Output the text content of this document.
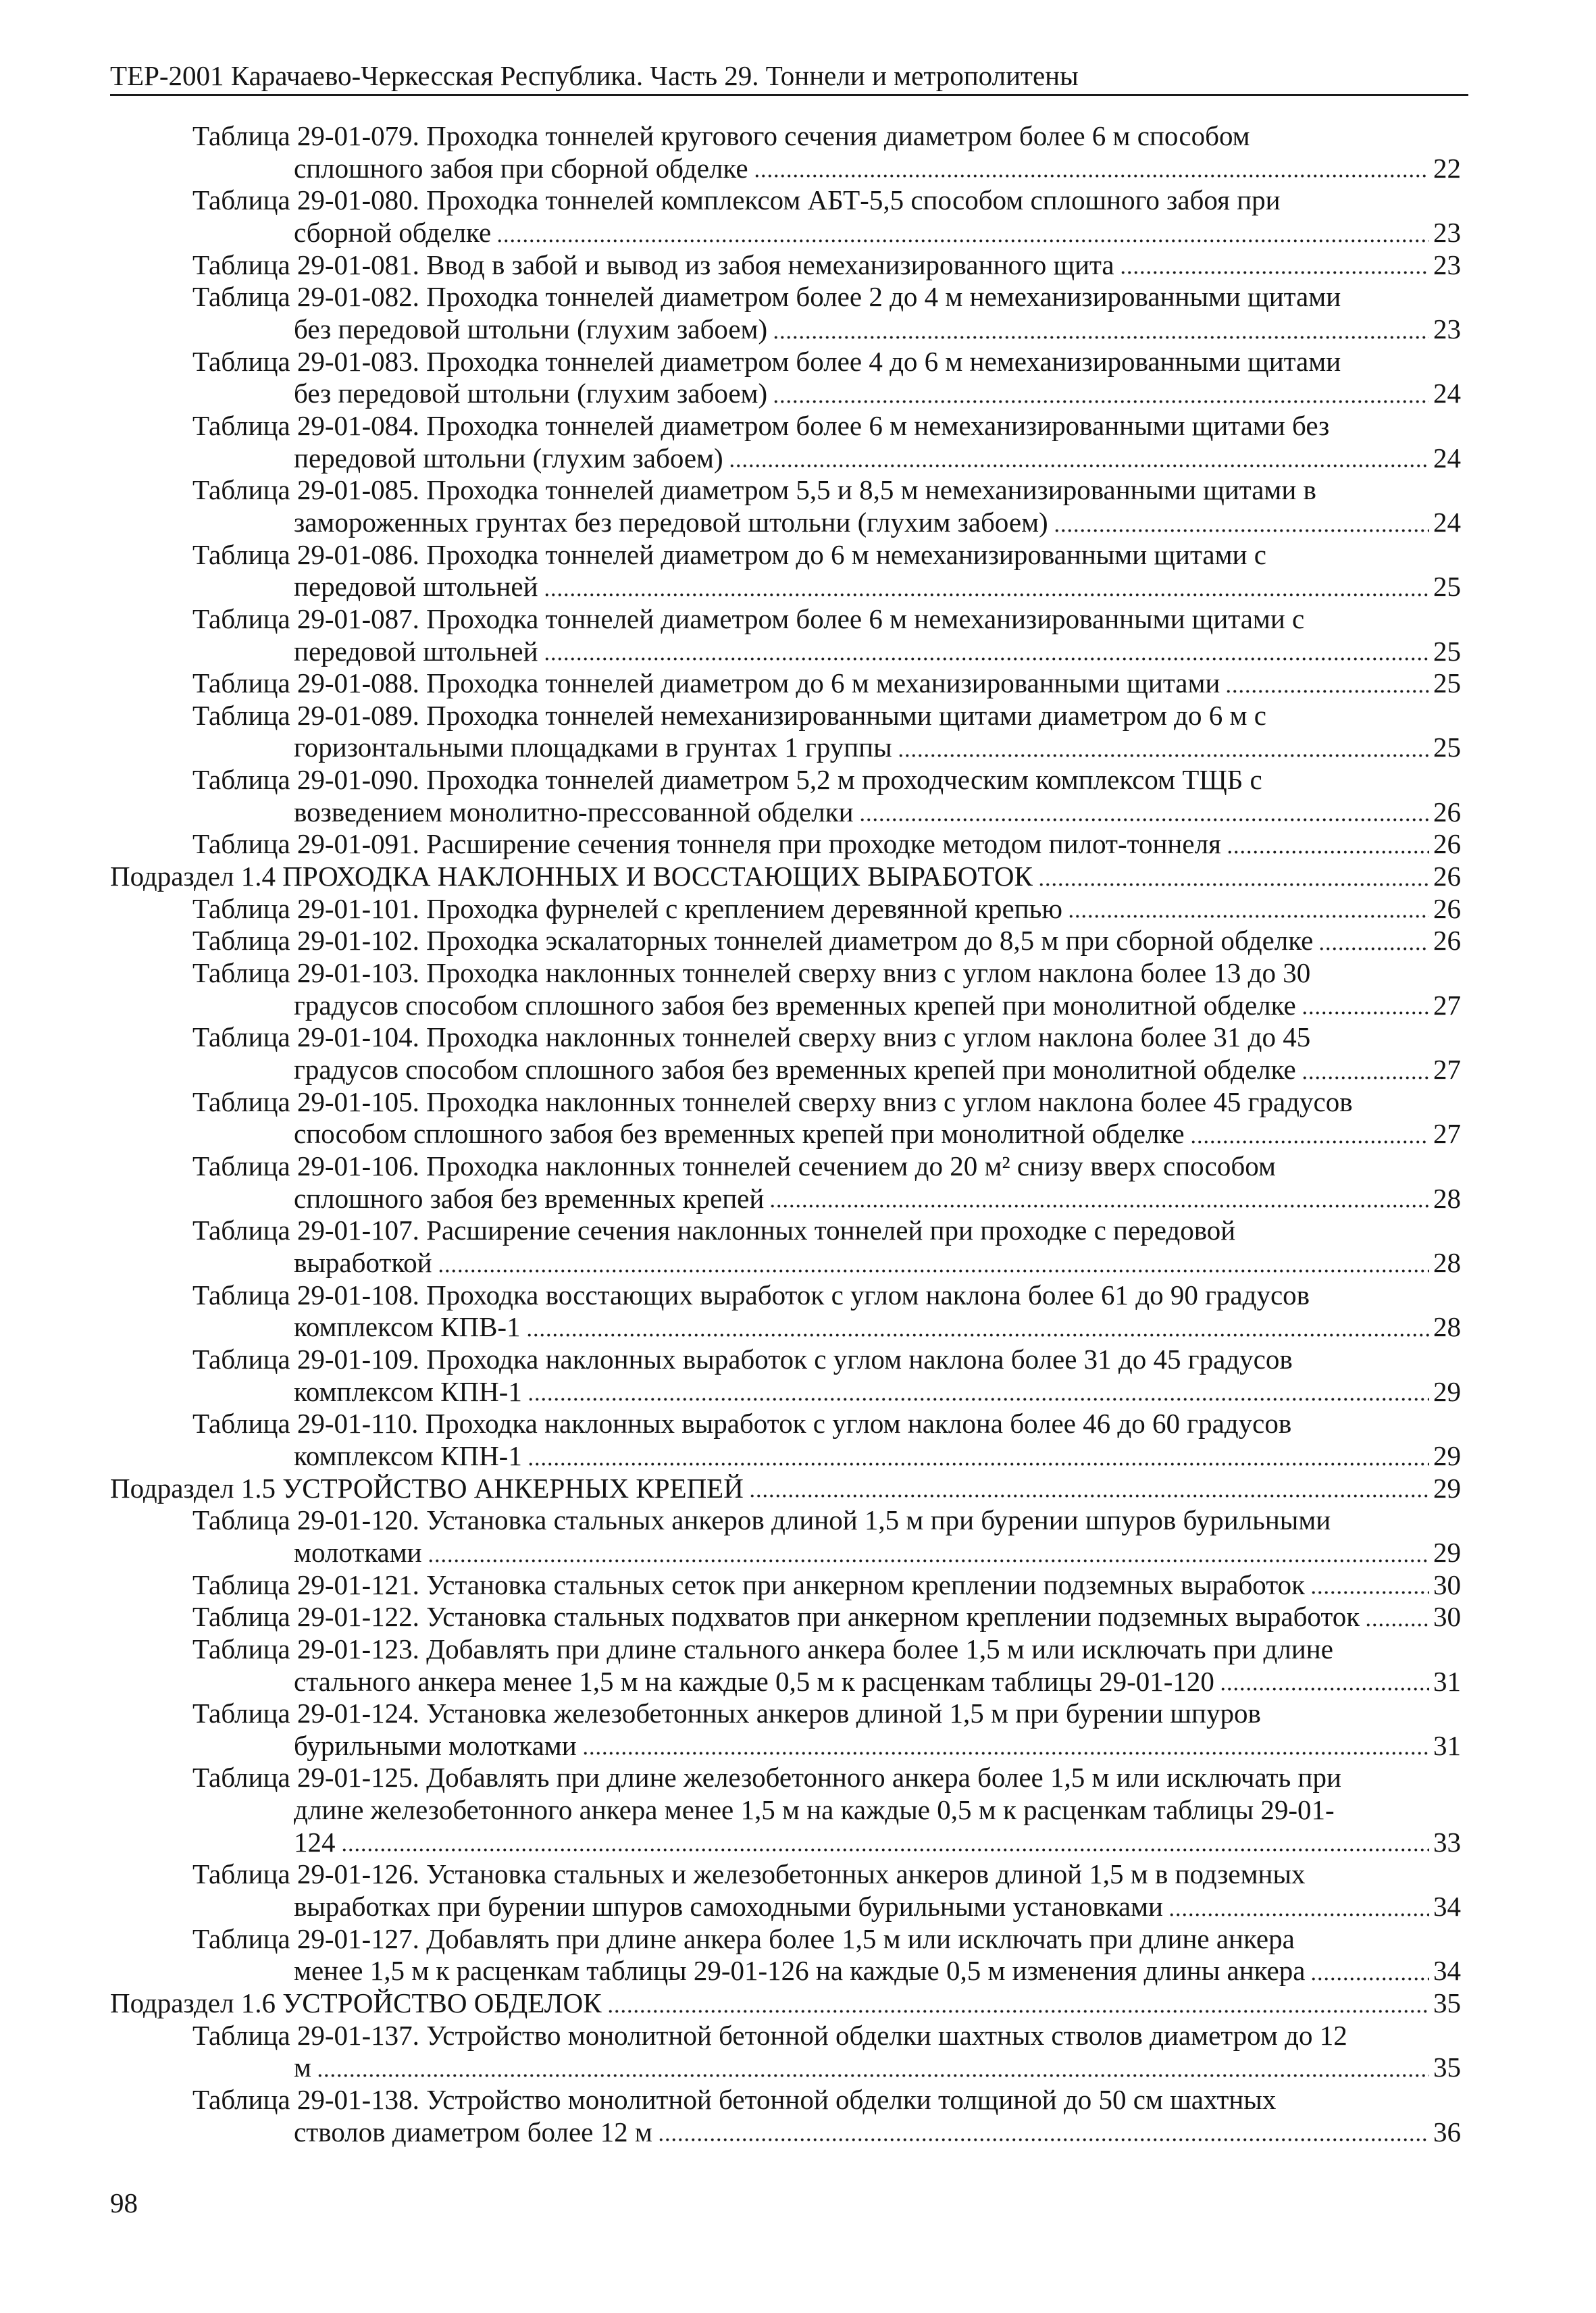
ТЕР-2001 Карачаево-Черкесская Республика. Часть 29. Тоннели и метрополитены
Таблица 29-01-079. Проходка тоннелей кругового сечения диаметром более 6 м способом
сплошного забоя при сборной обделке	22
Таблица 29-01-080. Проходка тоннелей комплексом АБТ-5,5 способом сплошного забоя при
сборной обделке	23
Таблица 29-01-081. Ввод в забой и вывод из забоя немеханизированного щита	23
Таблица 29-01-082. Проходка тоннелей диаметром более 2 до 4 м немеханизированными щитами
без передовой штольни (глухим забоем)	23
Таблица 29-01-083. Проходка тоннелей диаметром более 4 до 6 м немеханизированными щитами
без передовой штольни (глухим забоем)	24
Таблица 29-01-084. Проходка тоннелей диаметром более 6 м немеханизированными щитами без
передовой штольни (глухим забоем)	24
Таблица 29-01-085. Проходка тоннелей диаметром 5,5 и 8,5 м немеханизированными щитами в
замороженных грунтах без передовой штольни (глухим забоем)	24
Таблица 29-01-086. Проходка тоннелей диаметром до 6 м немеханизированными щитами с
передовой штольней	25
Таблица 29-01-087. Проходка тоннелей диаметром более 6 м немеханизированными щитами с
передовой штольней	25
Таблица 29-01-088. Проходка тоннелей диаметром до 6 м механизированными щитами	25
Таблица 29-01-089. Проходка тоннелей немеханизированными щитами диаметром до 6 м с
горизонтальными площадками в грунтах 1 группы	25
Таблица 29-01-090. Проходка тоннелей диаметром 5,2 м проходческим комплексом ТЩБ с
возведением монолитно-прессованной обделки	26
Таблица 29-01-091. Расширение сечения тоннеля при проходке методом пилот-тоннеля	26
Подраздел 1.4 ПРОХОДКА НАКЛОННЫХ И ВОССТАЮЩИХ ВЫРАБОТОК	26
Таблица 29-01-101. Проходка фурнелей с креплением деревянной крепью	26
Таблица 29-01-102. Проходка эскалаторных тоннелей диаметром до 8,5 м при сборной обделке	26
Таблица 29-01-103. Проходка наклонных тоннелей сверху вниз с углом наклона более 13 до 30
градусов способом сплошного забоя без временных крепей при монолитной обделке	27
Таблица 29-01-104. Проходка наклонных тоннелей сверху вниз с углом наклона более 31 до 45
градусов способом сплошного забоя без временных крепей при монолитной обделке	27
Таблица 29-01-105. Проходка наклонных тоннелей сверху вниз с углом наклона более 45 градусов
способом сплошного забоя без временных крепей при монолитной обделке	27
Таблица 29-01-106. Проходка наклонных тоннелей сечением до 20 м² снизу вверх способом
сплошного забоя без временных крепей	28
Таблица 29-01-107. Расширение сечения наклонных тоннелей при проходке с передовой
выработкой	28
Таблица 29-01-108. Проходка восстающих выработок с углом наклона более 61 до 90 градусов
комплексом КПВ-1	28
Таблица 29-01-109. Проходка наклонных выработок с углом наклона более 31 до 45 градусов
комплексом КПН-1	29
Таблица 29-01-110. Проходка наклонных выработок с углом наклона более 46 до 60 градусов
комплексом КПН-1	29
Подраздел 1.5 УСТРОЙСТВО АНКЕРНЫХ КРЕПЕЙ	29
Таблица 29-01-120. Установка стальных анкеров длиной 1,5 м при бурении шпуров бурильными
молотками	29
Таблица 29-01-121. Установка стальных сеток при анкерном креплении подземных выработок	30
Таблица 29-01-122. Установка стальных подхватов при анкерном креплении подземных выработок	30
Таблица 29-01-123. Добавлять при длине стального анкера более 1,5 м или исключать при длине
стального анкера менее 1,5 м на каждые 0,5 м к расценкам таблицы 29-01-120	31
Таблица 29-01-124. Установка железобетонных анкеров длиной 1,5 м при бурении шпуров
бурильными молотками	31
Таблица 29-01-125. Добавлять при длине железобетонного анкера более 1,5 м или исключать при
длине железобетонного анкера менее 1,5 м на каждые 0,5 м к расценкам таблицы 29-01-
124	33
Таблица 29-01-126. Установка стальных и железобетонных анкеров длиной 1,5 м в подземных
выработках при бурении шпуров самоходными бурильными установками	34
Таблица 29-01-127. Добавлять при длине анкера более 1,5 м или исключать при длине анкера
менее 1,5 м к расценкам таблицы 29-01-126 на каждые 0,5 м изменения длины анкера	34
Подраздел 1.6 УСТРОЙСТВО ОБДЕЛОК	35
Таблица 29-01-137. Устройство монолитной бетонной обделки шахтных стволов диаметром до 12
м	35
Таблица 29-01-138. Устройство монолитной бетонной обделки толщиной до 50 см шахтных
стволов диаметром более 12 м	36
98
